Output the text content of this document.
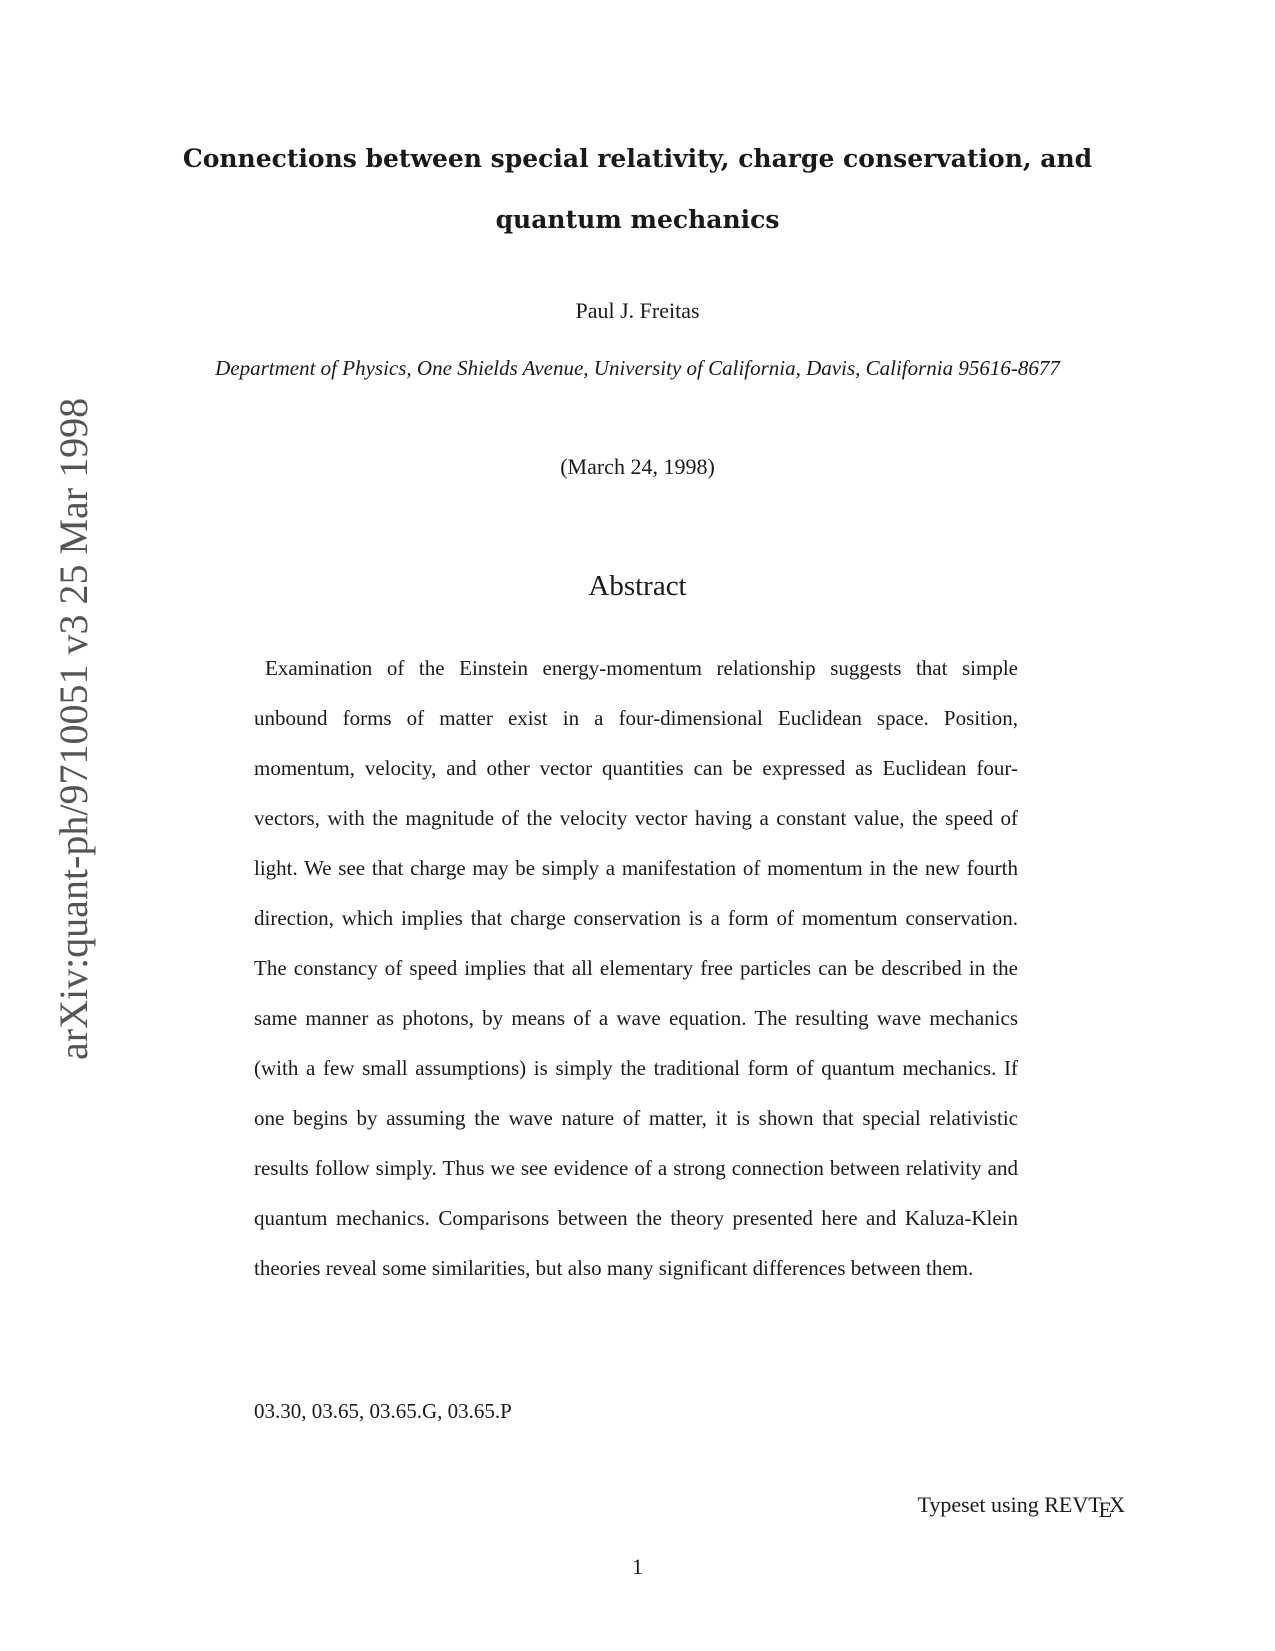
arXiv:quant-ph/9710051 v3 25 Mar 1998
Connections between special relativity, charge conservation, and quantum mechanics
Paul J. Freitas
Department of Physics, One Shields Avenue, University of California, Davis, California 95616-8677
(March 24, 1998)
Abstract

Examination of the Einstein energy-momentum relationship suggests that simple unbound forms of matter exist in a four-dimensional Euclidean space. Position, momentum, velocity, and other vector quantities can be expressed as Euclidean four-vectors, with the magnitude of the velocity vector having a constant value, the speed of light. We see that charge may be simply a manifestation of momentum in the new fourth direction, which implies that charge conservation is a form of momentum conservation. The constancy of speed implies that all elementary free particles can be described in the same manner as photons, by means of a wave equation. The resulting wave mechanics (with a few small assumptions) is simply the traditional form of quantum mechanics. If one begins by assuming the wave nature of matter, it is shown that special relativistic results follow simply. Thus we see evidence of a strong connection between relativity and quantum mechanics. Comparisons between the theory presented here and Kaluza-Klein theories reveal some similarities, but also many significant differences between them.

03.30, 03.65, 03.65.G, 03.65.P
Typeset using REVTEX
1
